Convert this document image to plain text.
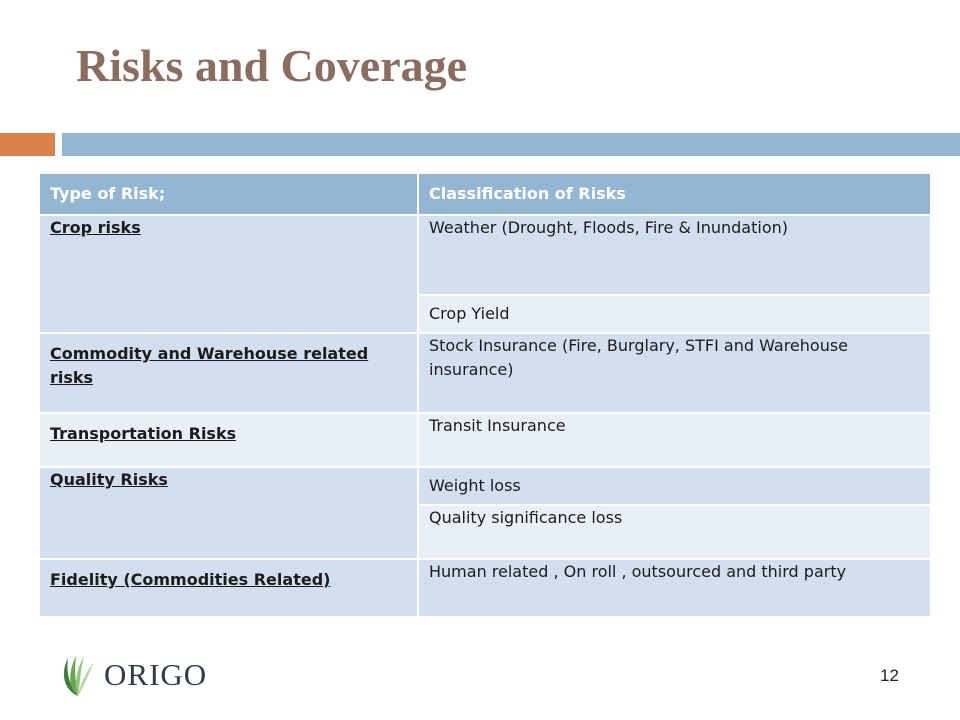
Risks and Coverage
Type of Risk;	Classification of Risks
Crop risks	Weather (Drought, Floods, Fire & Inundation)
	Crop Yield
Commodity and Warehouse related risks	Stock Insurance (Fire, Burglary, STFI and Warehouse insurance)
Transportation Risks	Transit Insurance
Quality Risks	Weight loss
	Quality significance loss
Fidelity (Commodities Related)	Human related , On roll , outsourced and third party
ORIGO	12
